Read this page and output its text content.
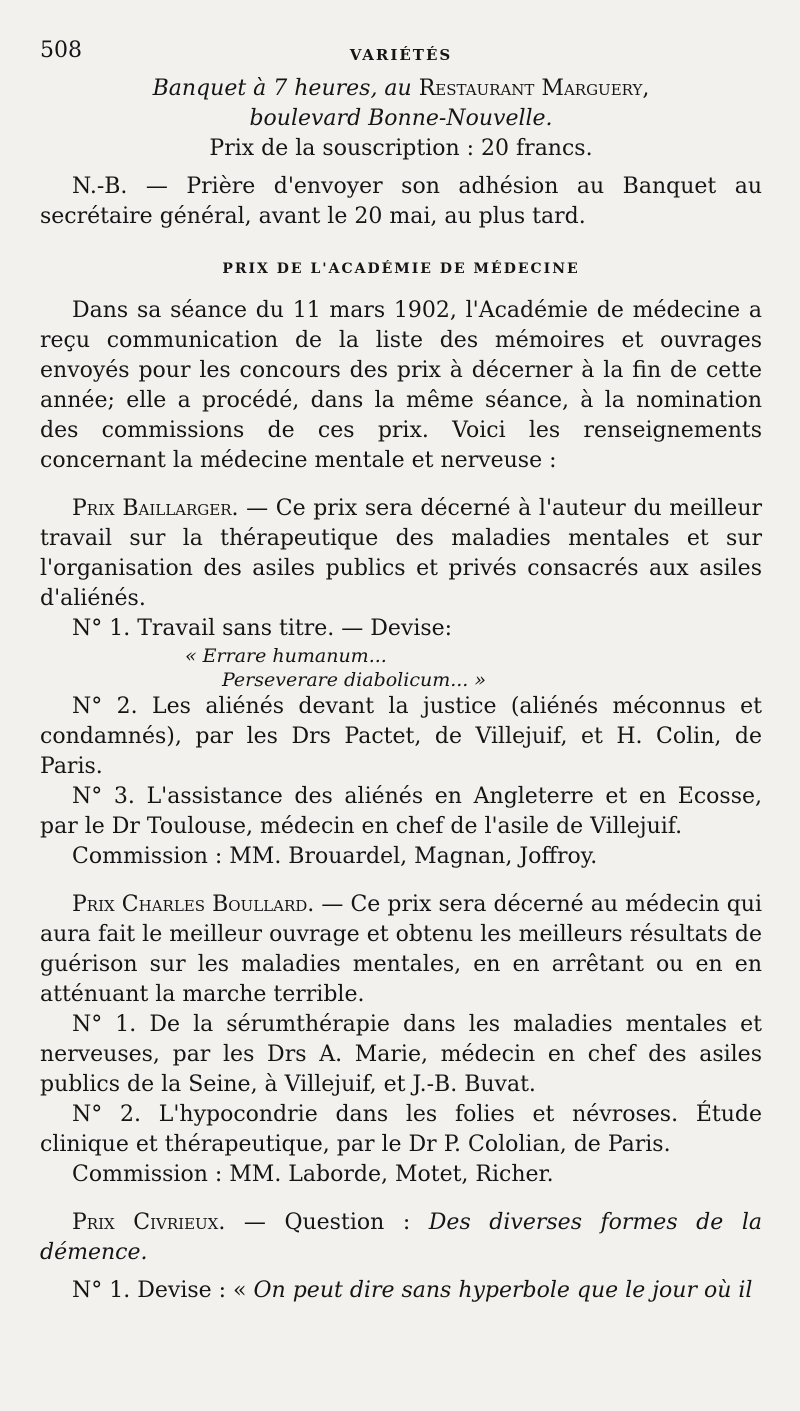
508	VARIÉTÉS

Banquet à 7 heures, au Restaurant Marguery,

boulevard Bonne-Nouvelle.

Prix de la souscription : 20 francs.

N.-B. — Prière d'envoyer son adhésion au Banquet au secrétaire général, avant le 20 mai, au plus tard.

PRIX DE L'ACADÉMIE DE MÉDECINE

Dans sa séance du 11 mars 1902, l'Académie de médecine a reçu communication de la liste des mémoires et ouvrages envoyés pour les concours des prix à décerner à la fin de cette année; elle a procédé, dans la même séance, à la nomination des commissions de ces prix. Voici les renseignements concernant la médecine mentale et nerveuse :

Prix Baillarger. — Ce prix sera décerné à l'auteur du meilleur travail sur la thérapeutique des maladies mentales et sur l'organisation des asiles publics et privés consacrés aux asiles d'aliénés.

N° 1. Travail sans titre. — Devise:

« Errare humanum...

Perseverare diabolicum... »

N° 2. Les aliénés devant la justice (aliénés méconnus et condamnés), par les Drs Pactet, de Villejuif, et H. Colin, de Paris.

N° 3. L'assistance des aliénés en Angleterre et en Ecosse, par le Dr Toulouse, médecin en chef de l'asile de Villejuif.

Commission : MM. Brouardel, Magnan, Joffroy.

Prix Charles Boullard. — Ce prix sera décerné au médecin qui aura fait le meilleur ouvrage et obtenu les meilleurs résultats de guérison sur les maladies mentales, en en arrêtant ou en en atténuant la marche terrible.

N° 1. De la sérumthérapie dans les maladies mentales et nerveuses, par les Drs A. Marie, médecin en chef des asiles publics de la Seine, à Villejuif, et J.-B. Buvat.

N° 2. L'hypocondrie dans les folies et névroses. Étude clinique et thérapeutique, par le Dr P. Cololian, de Paris.

Commission : MM. Laborde, Motet, Richer.

Prix Civrieux. — Question : Des diverses formes de la démence.

N° 1. Devise : « On peut dire sans hyperbole que le jour où il
